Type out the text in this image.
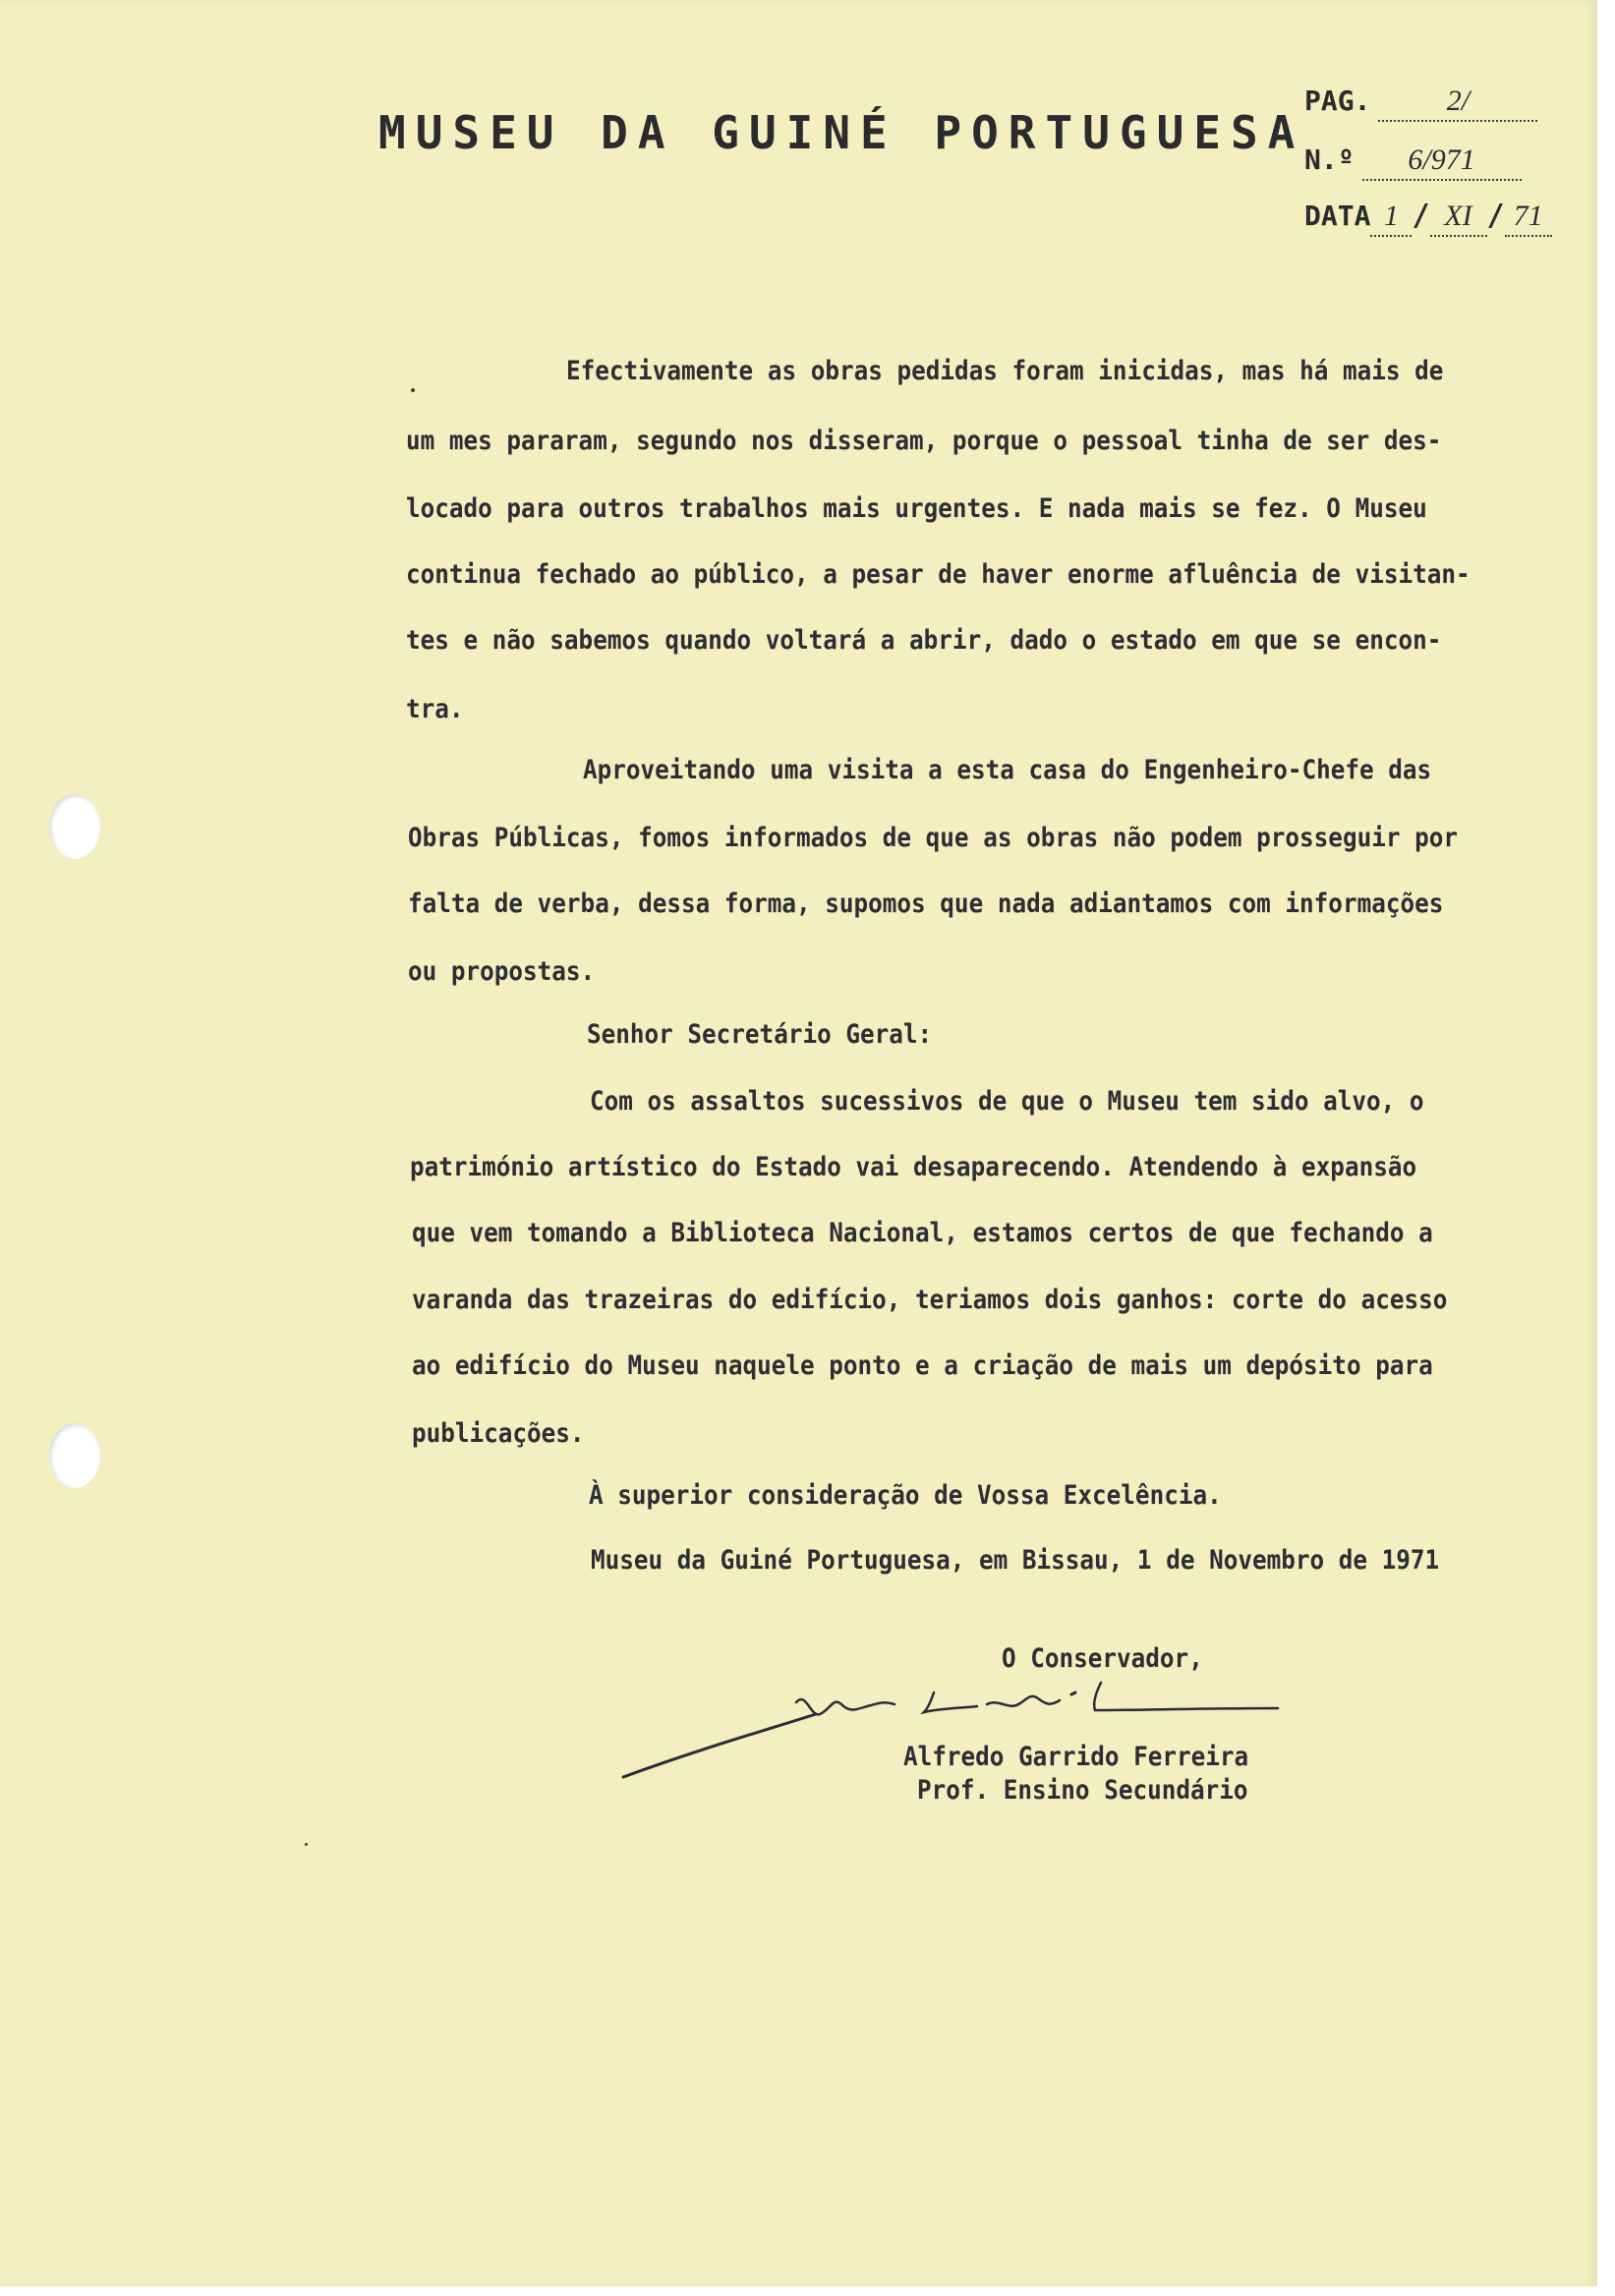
MUSEU DA GUINÉ PORTUGUESA
PAG.	2/
N.º	6/971
DATA 1 / XI / 71
Efectivamente as obras pedidas foram inicidas, mas há mais de
um mes pararam, segundo nos disseram, porque o pessoal tinha de ser des-
locado para outros trabalhos mais urgentes. E nada mais se fez. O Museu
continua fechado ao público, a pesar de haver enorme afluência de visitan-
tes e não sabemos quando voltará a abrir, dado o estado em que se encon-
tra.
Aproveitando uma visita a esta casa do Engenheiro-Chefe das
Obras Públicas, fomos informados de que as obras não podem prosseguir por
falta de verba, dessa forma, supomos que nada adiantamos com informações
ou propostas.
Senhor Secretário Geral:
Com os assaltos sucessivos de que o Museu tem sido alvo, o
património artístico do Estado vai desaparecendo. Atendendo à expansão
que vem tomando a Biblioteca Nacional, estamos certos de que fechando a
varanda das trazeiras do edifício, teriamos dois ganhos: corte do acesso
ao edifício do Museu naquele ponto e a criação de mais um depósito para
publicações.
À superior consideração de Vossa Excelência.
Museu da Guiné Portuguesa, em Bissau, 1 de Novembro de 1971
O Conservador,
Alfredo Garrido Ferreira
Prof. Ensino Secundário
